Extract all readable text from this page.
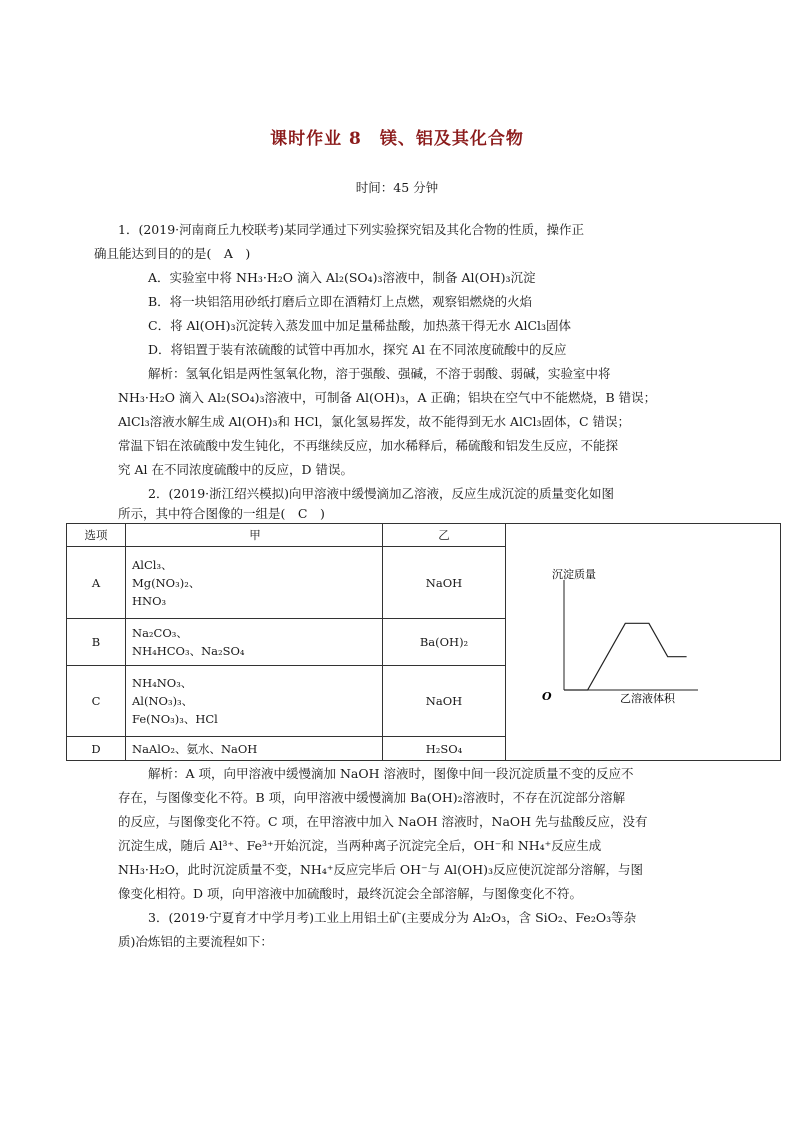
课时作业 8　镁、铝及其化合物
时间：45 分钟
1．(2019·河南商丘九校联考)某同学通过下列实验探究铝及其化合物的性质，操作正
确且能达到目的的是(　A　)
A．实验室中将 NH₃·H₂O 滴入 Al₂(SO₄)₃溶液中，制备 Al(OH)₃沉淀
B．将一块铝箔用砂纸打磨后立即在酒精灯上点燃，观察铝燃烧的火焰
C．将 Al(OH)₃沉淀转入蒸发皿中加足量稀盐酸，加热蒸干得无水 AlCl₃固体
D．将铝置于装有浓硫酸的试管中再加水，探究 Al 在不同浓度硫酸中的反应
解析：氢氧化铝是两性氢氧化物，溶于强酸、强碱，不溶于弱酸、弱碱，实验室中将
NH₃·H₂O 滴入 Al₂(SO₄)₃溶液中，可制备 Al(OH)₃，A 正确；铝块在空气中不能燃烧，B 错误；
AlCl₃溶液水解生成 Al(OH)₃和 HCl，氯化氢易挥发，故不能得到无水 AlCl₃固体，C 错误；
常温下铝在浓硫酸中发生钝化，不再继续反应，加水稀释后，稀硫酸和铝发生反应，不能探
究 Al 在不同浓度硫酸中的反应，D 错误。
2．(2019·浙江绍兴模拟)向甲溶液中缓慢滴加乙溶液，反应生成沉淀的质量变化如图
所示，其中符合图像的一组是(　C　)
选项	甲	乙	沉淀质量
乙溶液体积
O

A	AlCl₃、
Mg(NO₃)₂、
HNO₃	NaOH	
B	Na₂CO₃、
NH₄HCO₃、Na₂SO₄	Ba(OH)₂	
C	NH₄NO₃、
Al(NO₃)₃、
Fe(NO₃)₃、HCl	NaOH	
D	NaAlO₂、氨水、NaOH	H₂SO₄	
解析：A 项，向甲溶液中缓慢滴加 NaOH 溶液时，图像中间一段沉淀质量不变的反应不
存在，与图像变化不符。B 项，向甲溶液中缓慢滴加 Ba(OH)₂溶液时，不存在沉淀部分溶解
的反应，与图像变化不符。C 项，在甲溶液中加入 NaOH 溶液时，NaOH 先与盐酸反应，没有
沉淀生成，随后 Al³⁺、Fe³⁺开始沉淀，当两种离子沉淀完全后，OH⁻和 NH₄⁺反应生成
NH₃·H₂O，此时沉淀质量不变，NH₄⁺反应完毕后 OH⁻与 Al(OH)₃反应使沉淀部分溶解，与图
像变化相符。D 项，向甲溶液中加硫酸时，最终沉淀会全部溶解，与图像变化不符。
3．(2019·宁夏育才中学月考)工业上用铝土矿(主要成分为 Al₂O₃，含 SiO₂、Fe₂O₃等杂
质)冶炼铝的主要流程如下：
